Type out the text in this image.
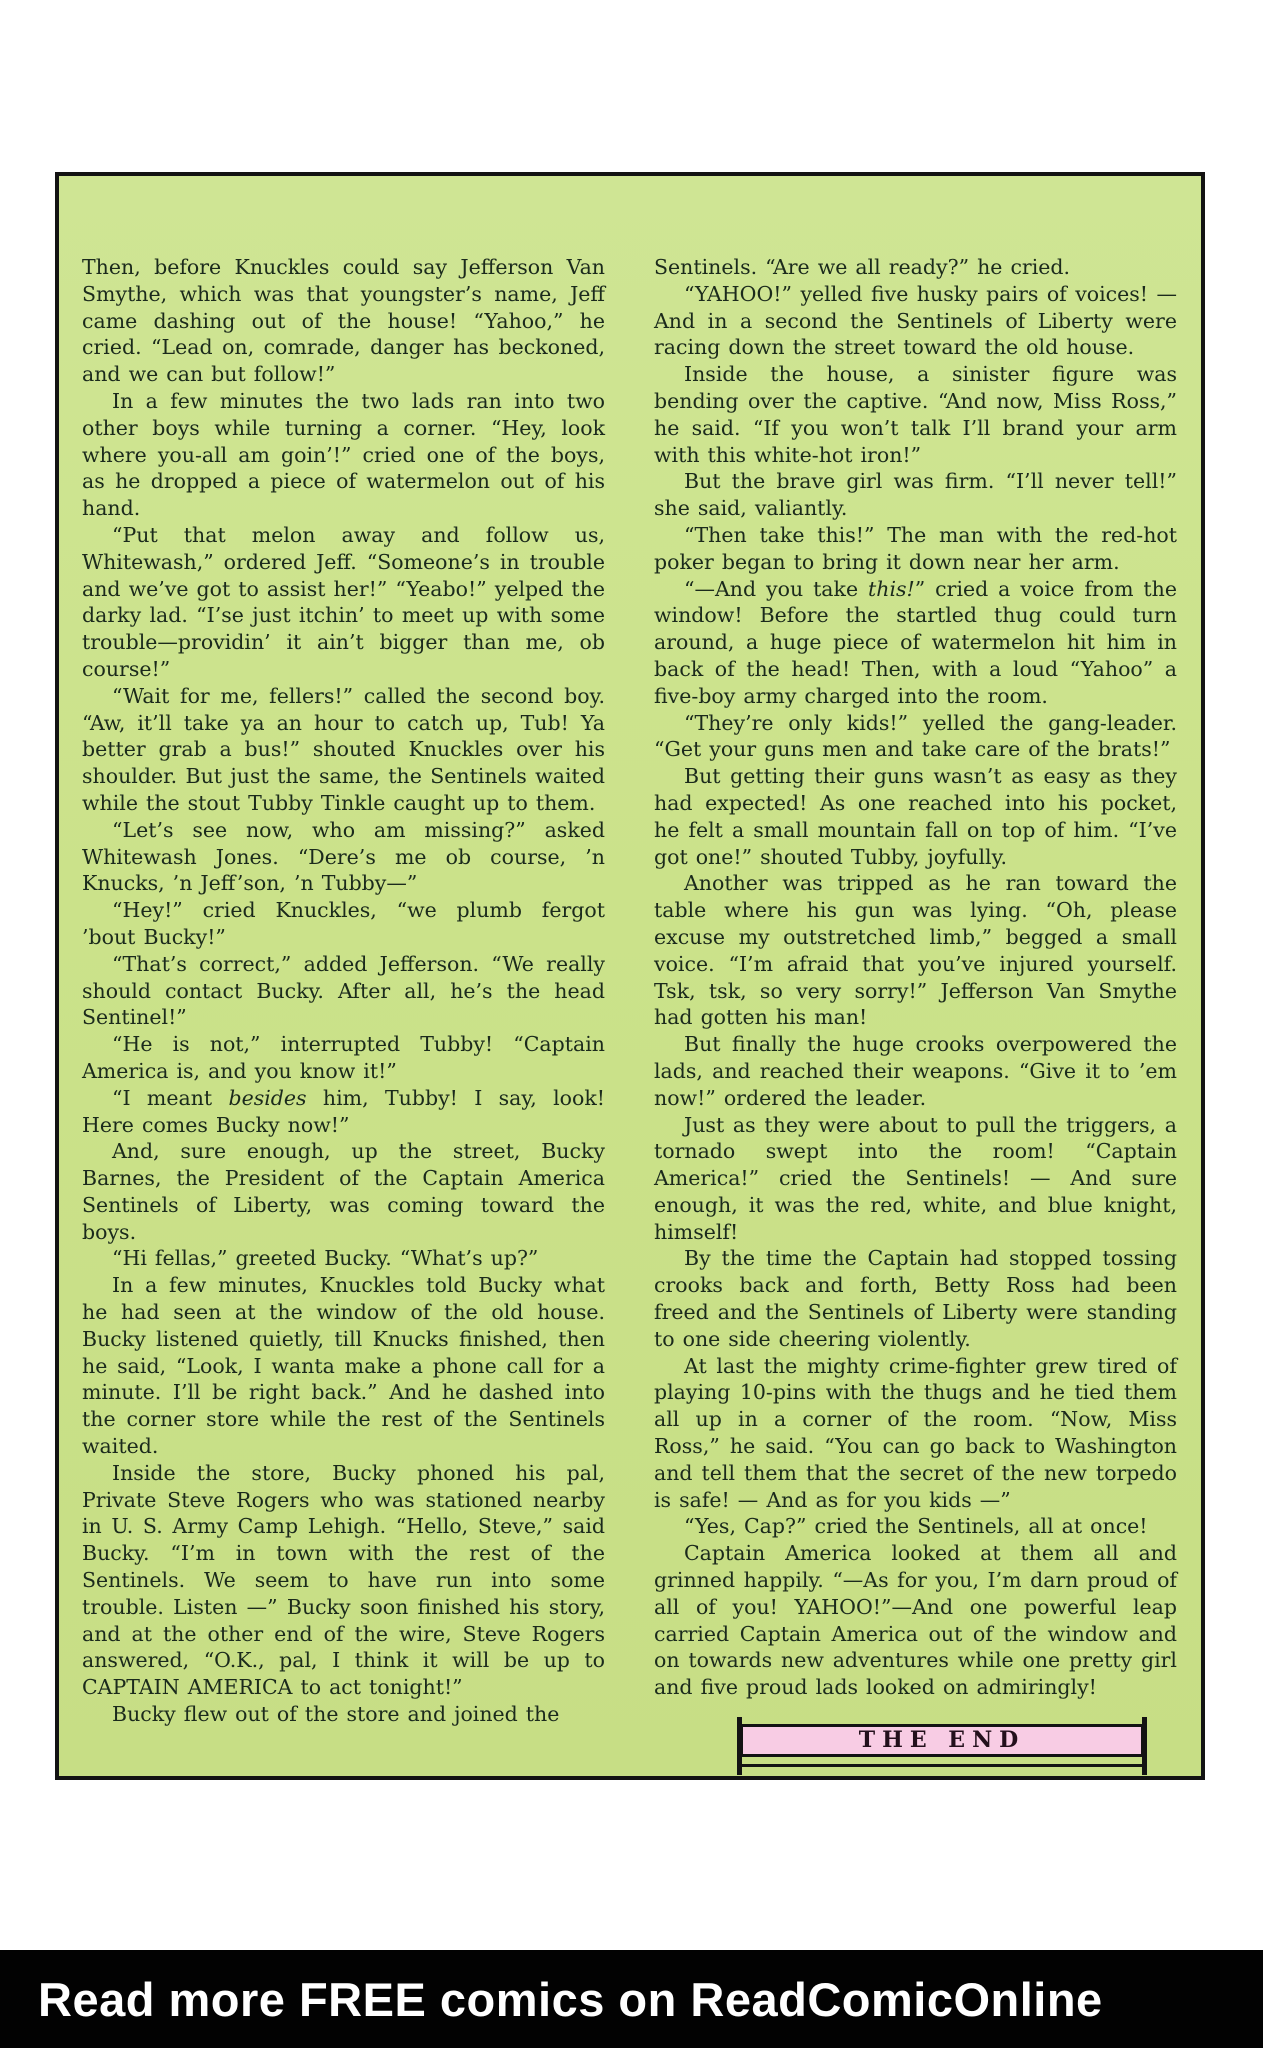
Then, before Knuckles could say Jefferson Van Smythe, which was that youngster’s name, Jeff came dashing out of the house! “Yahoo,” he cried. “Lead on, comrade, danger has beckoned, and we can but follow!”

In a few minutes the two lads ran into two other boys while turning a corner. “Hey, look where you-all am goin’!” cried one of the boys, as he dropped a piece of watermelon out of his hand.

“Put that melon away and follow us, Whitewash,” ordered Jeff. “Someone’s in trouble and we’ve got to assist her!” “Yeabo!” yelped the darky lad. “I’se just itchin’ to meet up with some trouble—providin’ it ain’t bigger than me, ob course!”

“Wait for me, fellers!” called the second boy. “Aw, it’ll take ya an hour to catch up, Tub! Ya better grab a bus!” shouted Knuckles over his shoulder. But just the same, the Sentinels waited while the stout Tubby Tinkle caught up to them.

“Let’s see now, who am missing?” asked Whitewash Jones. “Dere’s me ob course, ’n Knucks, ’n Jeff’son, ’n Tubby—”

“Hey!” cried Knuckles, “we plumb fergot ’bout Bucky!”

“That’s correct,” added Jefferson. “We really should contact Bucky. After all, he’s the head Sentinel!”

“He is not,” interrupted Tubby! “Captain America is, and you know it!”

“I meant besides him, Tubby! I say, look! Here comes Bucky now!”

And, sure enough, up the street, Bucky Barnes, the President of the Captain America Sentinels of Liberty, was coming toward the boys.

“Hi fellas,” greeted Bucky. “What’s up?”

In a few minutes, Knuckles told Bucky what he had seen at the window of the old house. Bucky listened quietly, till Knucks finished, then he said, “Look, I wanta make a phone call for a minute. I’ll be right back.” And he dashed into the corner store while the rest of the Sentinels waited.

Inside the store, Bucky phoned his pal, Private Steve Rogers who was stationed nearby in U. S. Army Camp Lehigh. “Hello, Steve,” said Bucky. “I’m in town with the rest of the Sentinels. We seem to have run into some trouble. Listen —” Bucky soon finished his story, and at the other end of the wire, Steve Rogers answered, “O.K., pal, I think it will be up to CAPTAIN AMERICA to act tonight!”

Bucky flew out of the store and joined the

Sentinels. “Are we all ready?” he cried.

“YAHOO!” yelled five husky pairs of voices! — And in a second the Sentinels of Liberty were racing down the street toward the old house.

Inside the house, a sinister figure was bending over the captive. “And now, Miss Ross,” he said. “If you won’t talk I’ll brand your arm with this white-hot iron!”

But the brave girl was firm. “I’ll never tell!” she said, valiantly.

“Then take this!” The man with the red-hot poker began to bring it down near her arm.

“—And you take this!” cried a voice from the window! Before the startled thug could turn around, a huge piece of watermelon hit him in back of the head! Then, with a loud “Yahoo” a five-boy army charged into the room.

“They’re only kids!” yelled the gang-leader. “Get your guns men and take care of the brats!”

But getting their guns wasn’t as easy as they had expected! As one reached into his pocket, he felt a small mountain fall on top of him. “I’ve got one!” shouted Tubby, joyfully.

Another was tripped as he ran toward the table where his gun was lying. “Oh, please excuse my outstretched limb,” begged a small voice. “I’m afraid that you’ve injured yourself. Tsk, tsk, so very sorry!” Jefferson Van Smythe had gotten his man!

But finally the huge crooks overpowered the lads, and reached their weapons. “Give it to ’em now!” ordered the leader.

Just as they were about to pull the triggers, a tornado swept into the room! “Captain America!” cried the Sentinels! — And sure enough, it was the red, white, and blue knight, himself!

By the time the Captain had stopped tossing crooks back and forth, Betty Ross had been freed and the Sentinels of Liberty were standing to one side cheering violently.

At last the mighty crime-fighter grew tired of playing 10-pins with the thugs and he tied them all up in a corner of the room. “Now, Miss Ross,” he said. “You can go back to Washington and tell them that the secret of the new torpedo is safe! — And as for you kids —”

“Yes, Cap?” cried the Sentinels, all at once!

Captain America looked at them all and grinned happily. “—As for you, I’m darn proud of all of you! YAHOO!”—And one powerful leap carried Captain America out of the window and on towards new adventures while one pretty girl and five proud lads looked on admiringly!

THE END
Read more FREE comics on ReadComicOnline
